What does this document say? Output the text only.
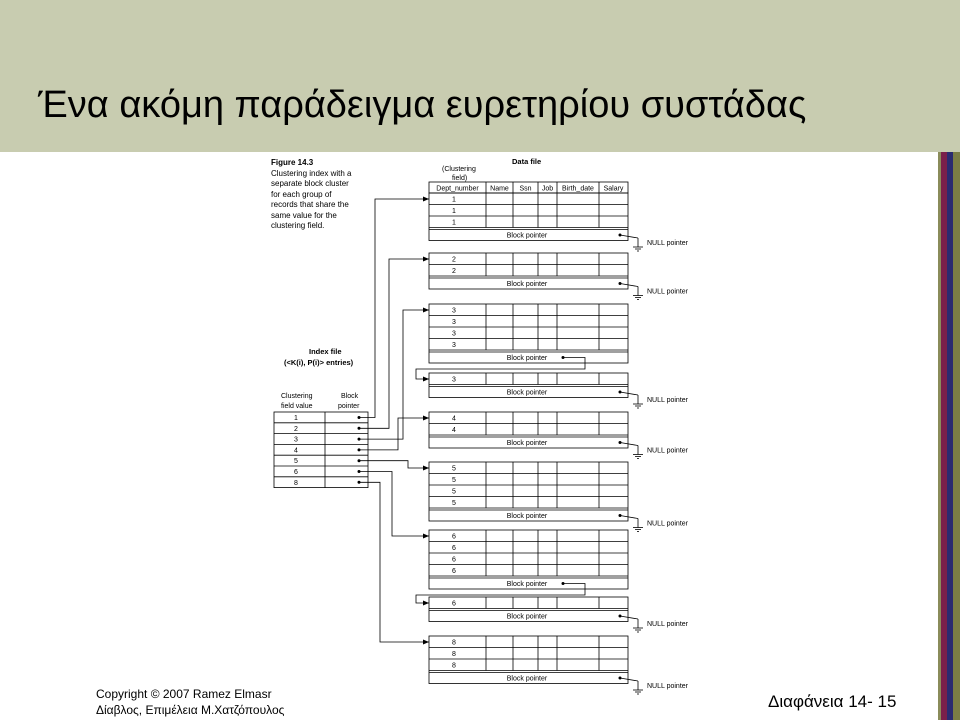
Ένα ακόμη παράδειγμα ευρετηρίου συστάδας
Figure 14.3
Clustering index with a
separate block cluster
for each group of
records that share the
same value for the
clustering field.
Data file
(Clustering
field)
Dept_number Name Ssn Job Birth_date Salary
1
1
1
Block pointer
NULL pointer
2
2
Block pointer
NULL pointer
3
3
3
3
Block pointer
3
Block pointer
NULL pointer
4
4
Block pointer
NULL pointer
5
5
5
5
Block pointer
NULL pointer
6
6
6
6
Block pointer
6
Block pointer
NULL pointer
8
8
8
Block pointer
NULL pointer
Index file
(<K(i), P(i)> entries)
Clustering
field value
Block
pointer
1
2
3
4
5
6
8
Copyright © 2007 Ramez Elmasr
Δίαβλος, Επιμέλεια Μ.Χατζόπουλος	Διαφάνεια 14- 15
